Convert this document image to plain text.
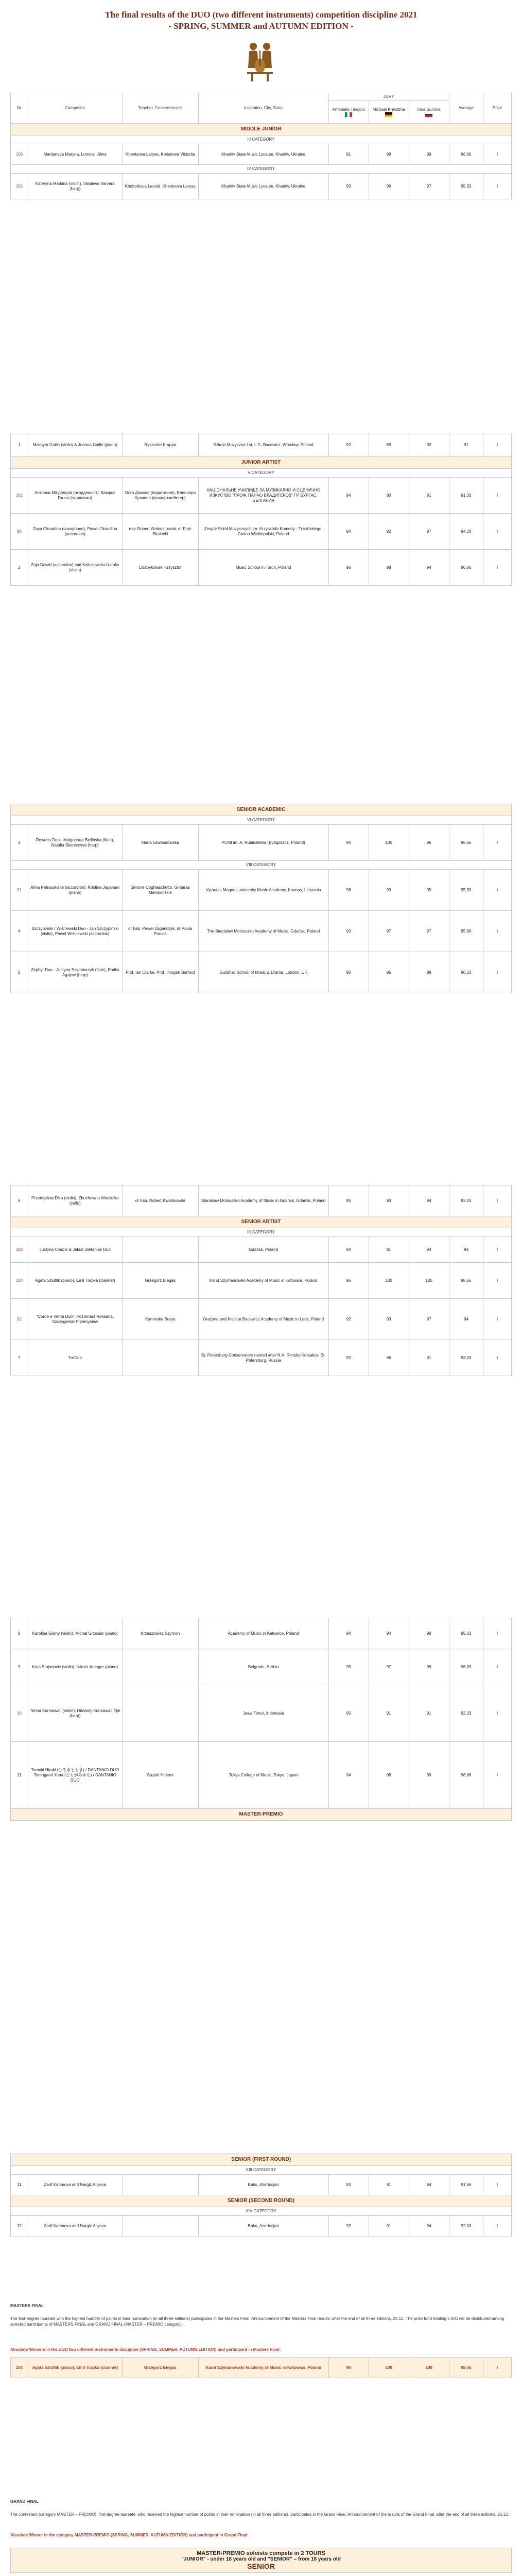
The final results of the DUO (two different instruments) competition discipline 2021
- SPRING, SUMMER and AUTUMN EDITION -
Nr	Competitor	Teacher, Concertmaster	Institution, City, State	JURY			Average	Prize
				Antonella Tinajoni	Michael Kravitzha	Inna Sumina		

MIDDLE JUNIOR								
III CATEGORY								
100	Martianova Maryna, Lomotsii Alina	Khentsova Larysa, Koriakova Viktoriia	Kharkiv State Music Lyceum, Kharkiv, Ukraine	91	98	99	96,66	I
IV CATEGORY								
101	Kateryna Markina (violin), Vasilieva Varvara (harp)	Khobotkova Leonid, Khentsova Larysa	Kharkiv State Music Lyceum, Kharkiv, Ukraine	93	96	97	95,33	I
1	Maksym Gaille (violin) & Joanna Gaille (piano)	Ryszarda Krappa	Szkoła Muzyczna I st. i. G. Bacewicz, Wrocław, Poland	92	89	92	91	I
JUNIOR ARTIST								
V CATEGORY								
101	Антонов Мігуфёдов (акордеоніст), Каюров Ганна (скрипачка)	Олга Дюкова (педагогиня), Елеонора Кузмина (концертмейстер)	НАЦІОНАЛЬНЕ УЧИЛИЩЕ ЗА МУЗИКАЛНО И СЦЕНИЧНО ИЗКУСТВО "ПРОФ. ПАНЧО ВЛАДИГЕРОВ" ГР. БУРГАС, БЪЛГАРИЯ	94	90	91	91,33	I
98	Zaya Okoadina (saxophone), Paweł Okoadina (accordion)	mgr Robert Wolnostowski, dr Piotr Skalecki	Zespół Szkół Muzycznych im. Krzysztofa Komedy - Trzcińskiego, Gmina Wielkopolski, Poland	94	92	97	94,33	I
2	Zaja Dawid (accordion) and Kaliszewska Natalia (violin)	Lidzbykowski Krzysztof	Music School in Toruń, Poland	95	98	94	96,06	I
SENIOR ACADEMIC								
VI CATEGORY								
3	Rewerts Duo - Małgorzata Bielińska (flute), Natalia Skoniecova (harp)	Maria Lewandowska	PCMI im. A. Rubinsteina (Bydgoszcz, Poland)	94	100	96	96,66	I
VIII CATEGORY								
51	Alma Petrauskaite (accordion), Kristina Jagaman (piano)	Simone Coghlaschetto, Gintaras Mamsonskis	Vytautas Magnus university Music Academy, Kaunas, Lithuania	98	93	95	95,33	I
4	Szczypinski / Wiśniewski Duo - Jan Szczypinski (violin), Paweł Wiśniewski (accordion)	dr hab. Paweł Zagańczyk, dr Paula Prauss	The Stanisław Moniuszko Academy of Music, Gdańsk, Poland	93	97	97	95,66	I
5	Zephyr Duo - Justyna Szymborzyk (flute), Emilia Agajew (harp)	Prof. Ian Clarke, Prof. Imogen Barford	Guildhall School of Music & Drama, London, UK	95	95	99	96,33	I
6	Przemysław Dika (violin), Zbuchowna Waszelka (cello)	dr hab. Robert Kwiatkowski	Stanisław Moniuszko Academy of Music in Gdańsk, Gdańsk, Poland	95	93	94	93,33	I
SENIOR ARTIST								
IX CATEGORY								
100	Justyna Cierpik & Jakub Stefaniak Duo		Gdańsk, Poland	94	91	94	93	I
104	Agata Szluflik (piano), Emil Trapka (clarinet)	Grzegorz Biegas	Karol Szymanowski Academy of Music in Katowice, Poland	96	100	100	98,66	I
92	"Corde e Venta Duo": Pozdrnarz Roksana, Szczygielski Przemysław	Kaminska Beata	Grażyna and Kiejstut Bacewicz Academy of Music in Lodz, Poland	92	93	97	94	I
7	TreDuo		St. Petersburg Conservatory named after N.A. Rimsky-Korsakov, St. Petersburg, Russia	92	96	91	93,33	I
8	Karolina Górny (violin), Michał Grzesiar (piano)	Krzeszowiec Szymon	Academy of Music in Katowice, Poland	94	94	98	95,33	I
9	Kata Stojanović (violin), Nikola Jeringer (piano)		Belgrade, Serbia	95	97	99	96,33	I
10	Timna Kurniawati (violin), Dimamy Kurniawati Tjie (harp)		Jawa Timur, Indonesia	95	91	91	92,33	I
11	Tomoki Hiroki (ひろきともき) / DANTANIO DUO Tomogami Yuna (ともがみゆな) / DANTANIO DUO	Suzuki Hidemi	Tokyo College of Music, Tokyo, Japan	94	98	99	96,66	I
MASTER-PREMIO								
SENIOR (FIRST ROUND)								
XIII CATEGORY								
11	Zarif Karimova and Nargiz Aliyeva		Baku, Azerbaijan	93	91	94	91,66	I
SENIOR (SECOND ROUND)								
XIV CATEGORY								
12	Zarif Karimova and Nargiz Aliyeva		Baku, Azerbaijan	92	91	94	92,33	I
MASTERS FINAL
The first-degree laureate with the highest number of points in their nomination (in all three editions) participates in the Masters Final. Announcement of the Masters Final results: after the end of all three editions, 25.12. The prize fund totaling 5 000 will be distributed among selected participants of MASTERS FINAL and GRAND FINAL (MASTER – PREMIO category).
Absolute Winners in the DUO two different instruments discipline (SPRING, SUMMER, AUTUMN EDITION) and participant in Masters Final:
104	Agata Szluflik (piano), Emil Trapka (clarinet)	Grzegorz Biegas	Karol Szymanowski Academy of Music in Katowice, Poland	96	100	100	98,66	I
GRAND FINAL
The contestant (category MASTER – PREMIO), first-degree laureate, who received the highest number of points in their nomination (in all three editions), participates in the Grand Final. Announcement of the results of the Grand Final, after the end of all three editions, 25.12.
Absolute Winner in the category MASTER-PREMIO (SPRING, SUMMER, AUTUMN EDITION) and participant in Grand Final:
MASTER-PREMIO soloists compete in 2 TOURS
"JUNIOR" - under 18 years old and "SENIOR" – from 18 years old
SENIOR
